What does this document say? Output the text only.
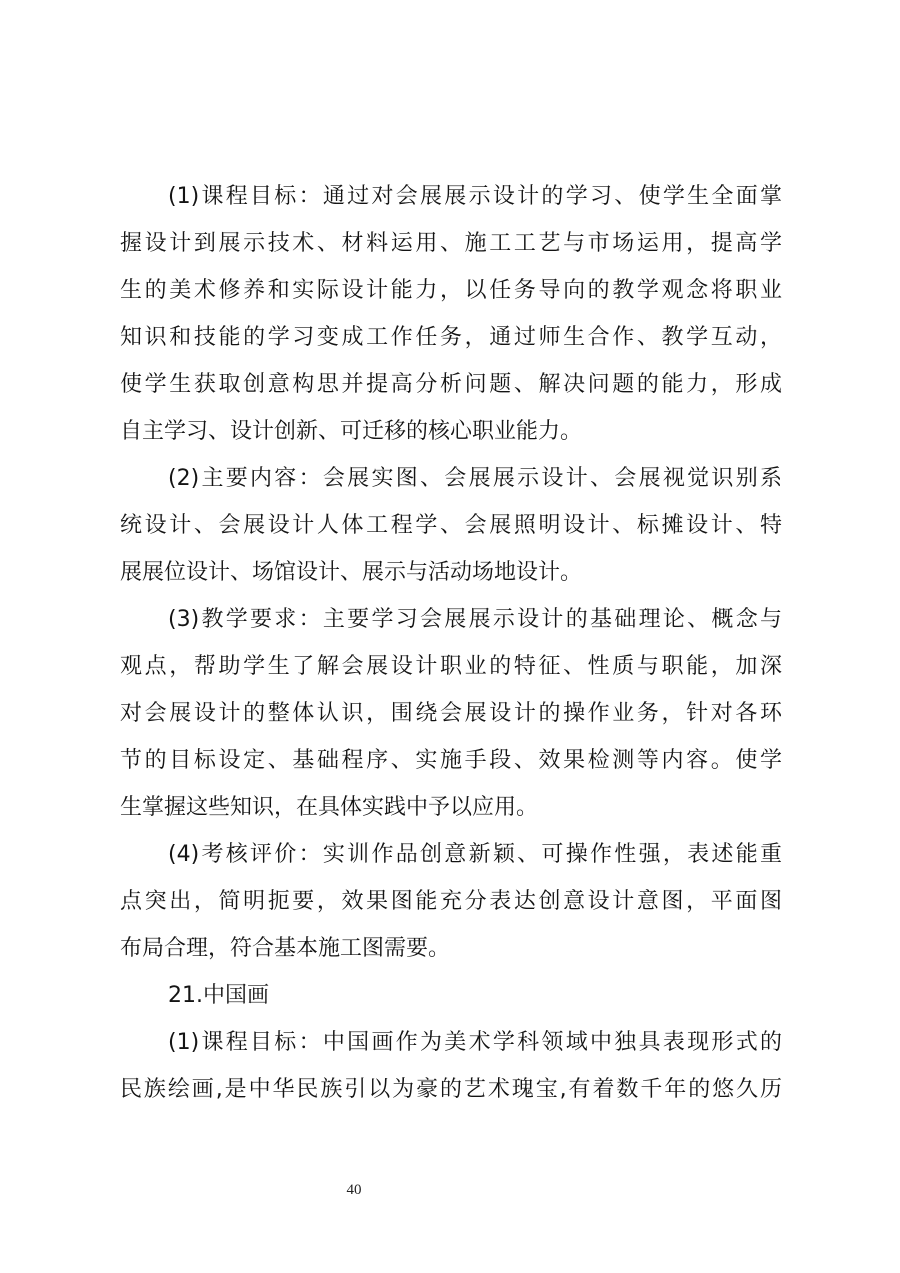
(1)课程目标：通过对会展展示设计的学习、使学生全面掌
握设计到展示技术、材料运用、施工工艺与市场运用，提高学
生的美术修养和实际设计能力，以任务导向的教学观念将职业
知识和技能的学习变成工作任务，通过师生合作、教学互动，
使学生获取创意构思并提高分析问题、解决问题的能力，形成
自主学习、设计创新、可迁移的核心职业能力。
(2)主要内容：会展实图、会展展示设计、会展视觉识别系
统设计、会展设计人体工程学、会展照明设计、标摊设计、特
展展位设计、场馆设计、展示与活动场地设计。
(3)教学要求：主要学习会展展示设计的基础理论、概念与
观点，帮助学生了解会展设计职业的特征、性质与职能，加深
对会展设计的整体认识，围绕会展设计的操作业务，针对各环
节的目标设定、基础程序、实施手段、效果检测等内容。使学
生掌握这些知识，在具体实践中予以应用。
(4)考核评价：实训作品创意新颖、可操作性强，表述能重
点突出，简明扼要，效果图能充分表达创意设计意图，平面图
布局合理，符合基本施工图需要。
21.中国画
(1)课程目标：中国画作为美术学科领域中独具表现形式的
民族绘画,是中华民族引以为豪的艺术瑰宝,有着数千年的悠久历
40
